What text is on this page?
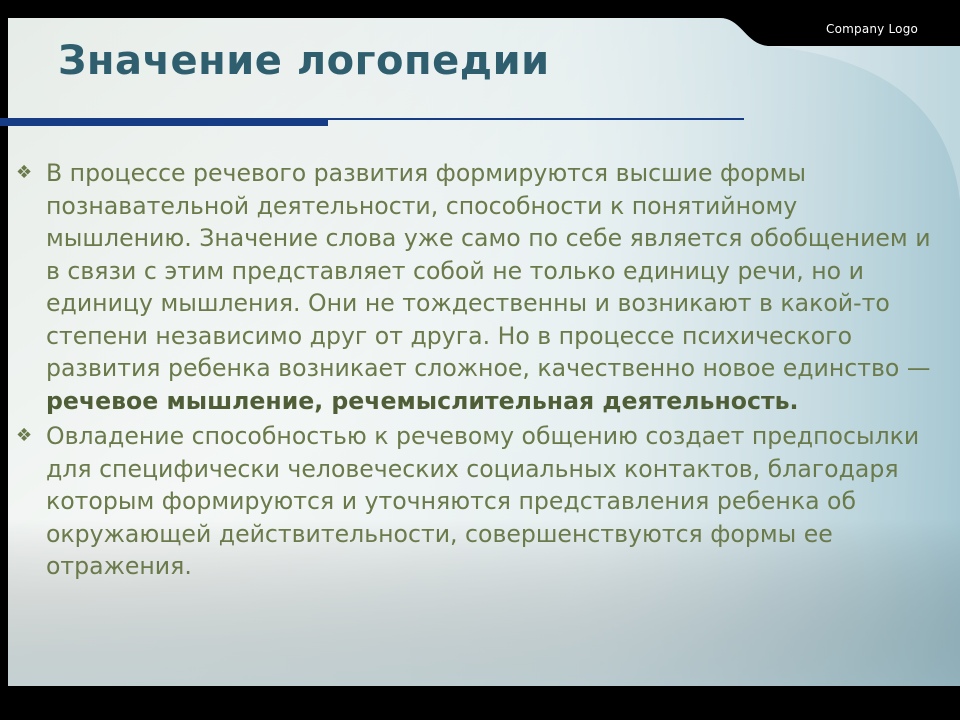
Company Logo
Значение логопедии

❖ В процессе речевого развития формируются высшие формы познавательной деятельности, способности к понятийному мышлению. Значение слова уже само по себе является обобщением и в связи с этим представляет собой не только единицу речи, но и единицу мышления. Они не тождественны и возникают в какой-то степени независимо друг от друга. Но в процессе психического развития ребенка возникает сложное, качественно новое единство — речевое мышление, речемыслительная деятельность.

❖ Овладение способностью к речевому общению создает предпосылки для специфически человеческих социальных контактов, благодаря которым формируются и уточняются представления ребенка об окружающей действительности, совершенствуются формы ее отражения.
